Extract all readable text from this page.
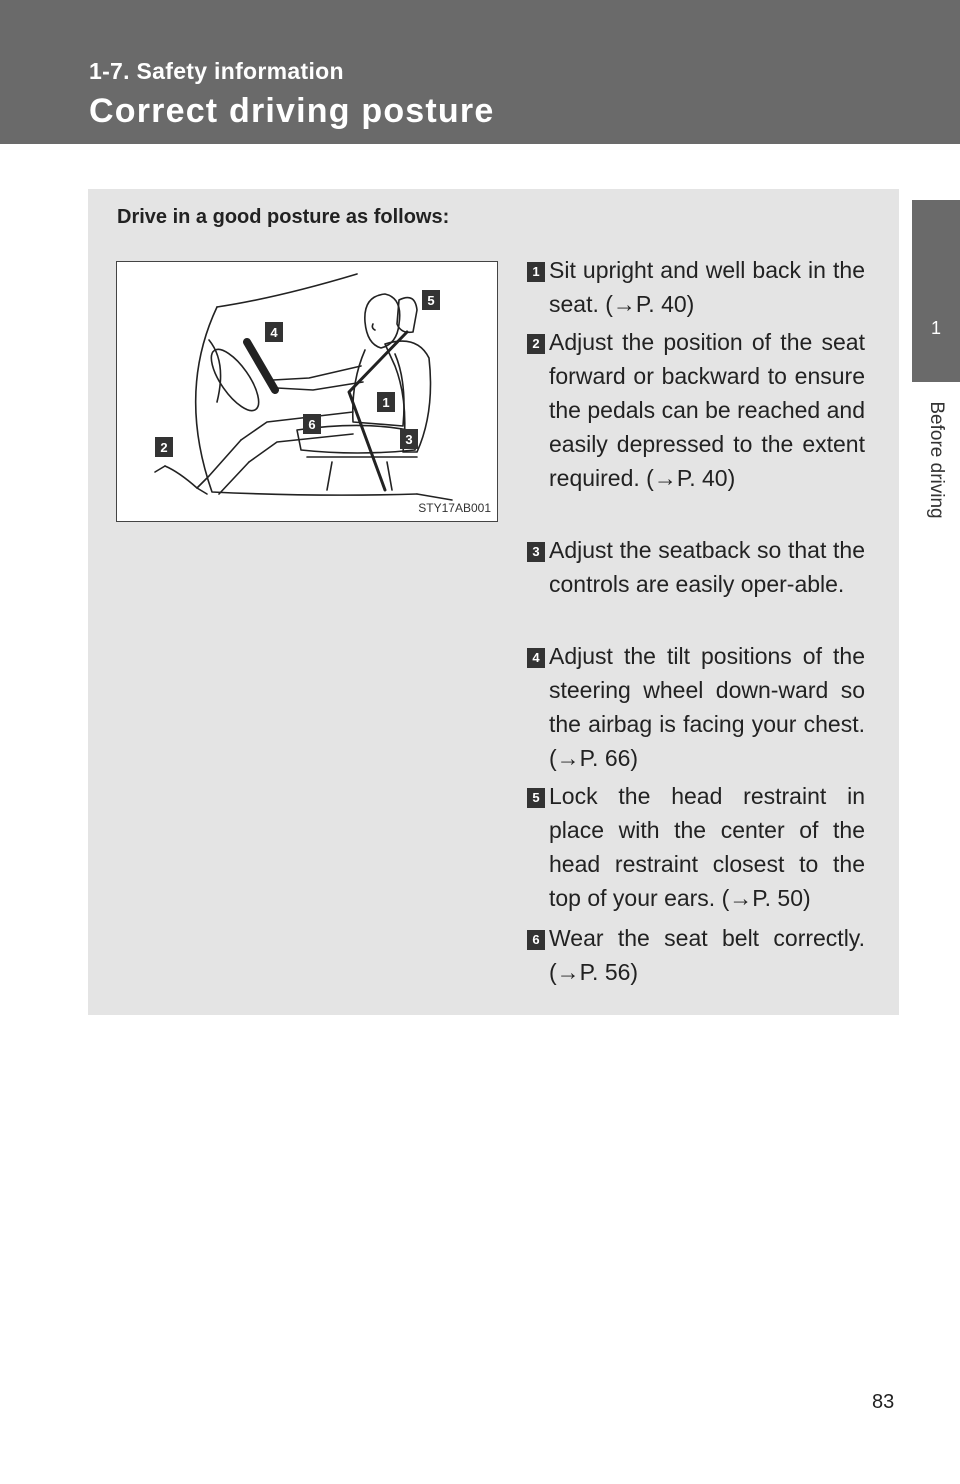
1-7. Safety information
Correct driving posture
1
Before driving
Drive in a good posture as follows:
4
5
1
6
3
2
STY17AB001
1 Sit upright and well back in the seat. (→P. 40)
2 Adjust the position of the seat forward or backward to ensure the pedals can be reached and easily depressed to the extent required. (→P. 40)
3 Adjust the seatback so that the controls are easily oper-able.
4 Adjust the tilt positions of the steering wheel down-ward so the airbag is facing your chest. (→P. 66)
5 Lock the head restraint in place with the center of the head restraint closest to the top of your ears. (→P. 50)
6 Wear the seat belt correctly. (→P. 56)
83
